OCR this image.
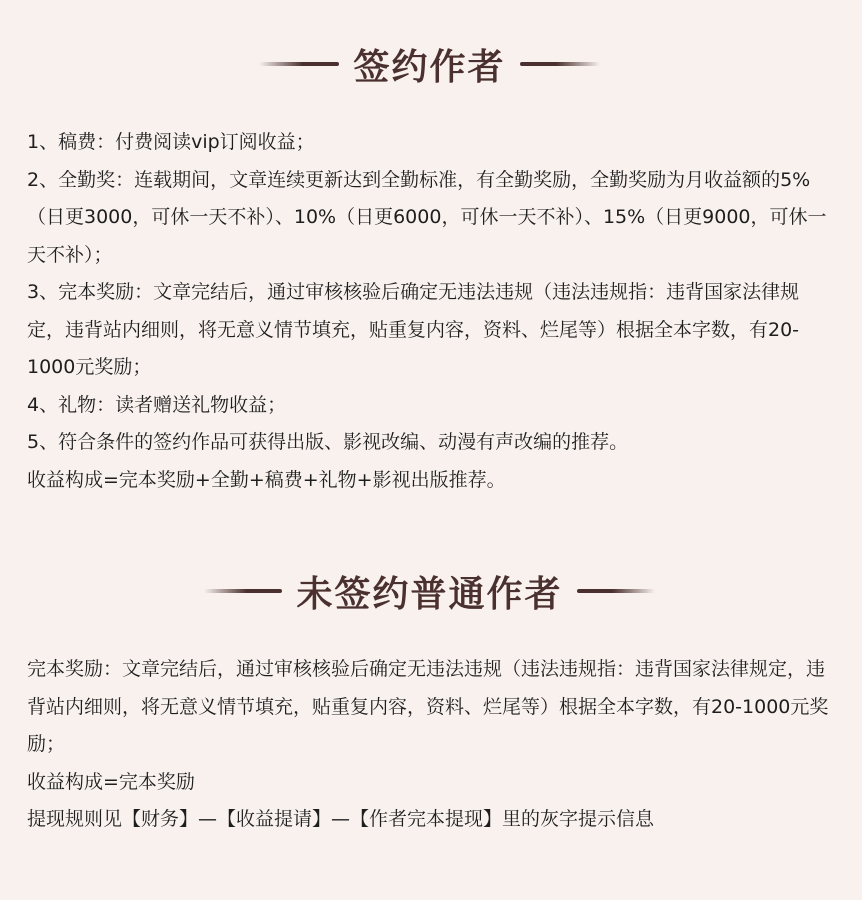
签约作者

1、稿费：付费阅读vip订阅收益；

2、全勤奖：连载期间，文章连续更新达到全勤标准，有全勤奖励，全勤奖励为月收益额的5%（日更3000，可休一天不补）、10%（日更6000，可休一天不补）、15%（日更9000，可休一天不补）；

3、完本奖励：文章完结后，通过审核核验后确定无违法违规（违法违规指：违背国家法律规定，违背站内细则，将无意义情节填充，贴重复内容，资料、烂尾等）根据全本字数，有20-1000元奖励；

4、礼物：读者赠送礼物收益；

5、符合条件的签约作品可获得出版、影视改编、动漫有声改编的推荐。

收益构成=完本奖励+全勤+稿费+礼物+影视出版推荐。

未签约普通作者

完本奖励：文章完结后，通过审核核验后确定无违法违规（违法违规指：违背国家法律规定，违背站内细则，将无意义情节填充，贴重复内容，资料、烂尾等）根据全本字数，有20-1000元奖励；

收益构成=完本奖励

提现规则见【财务】—【收益提请】—【作者完本提现】里的灰字提示信息
